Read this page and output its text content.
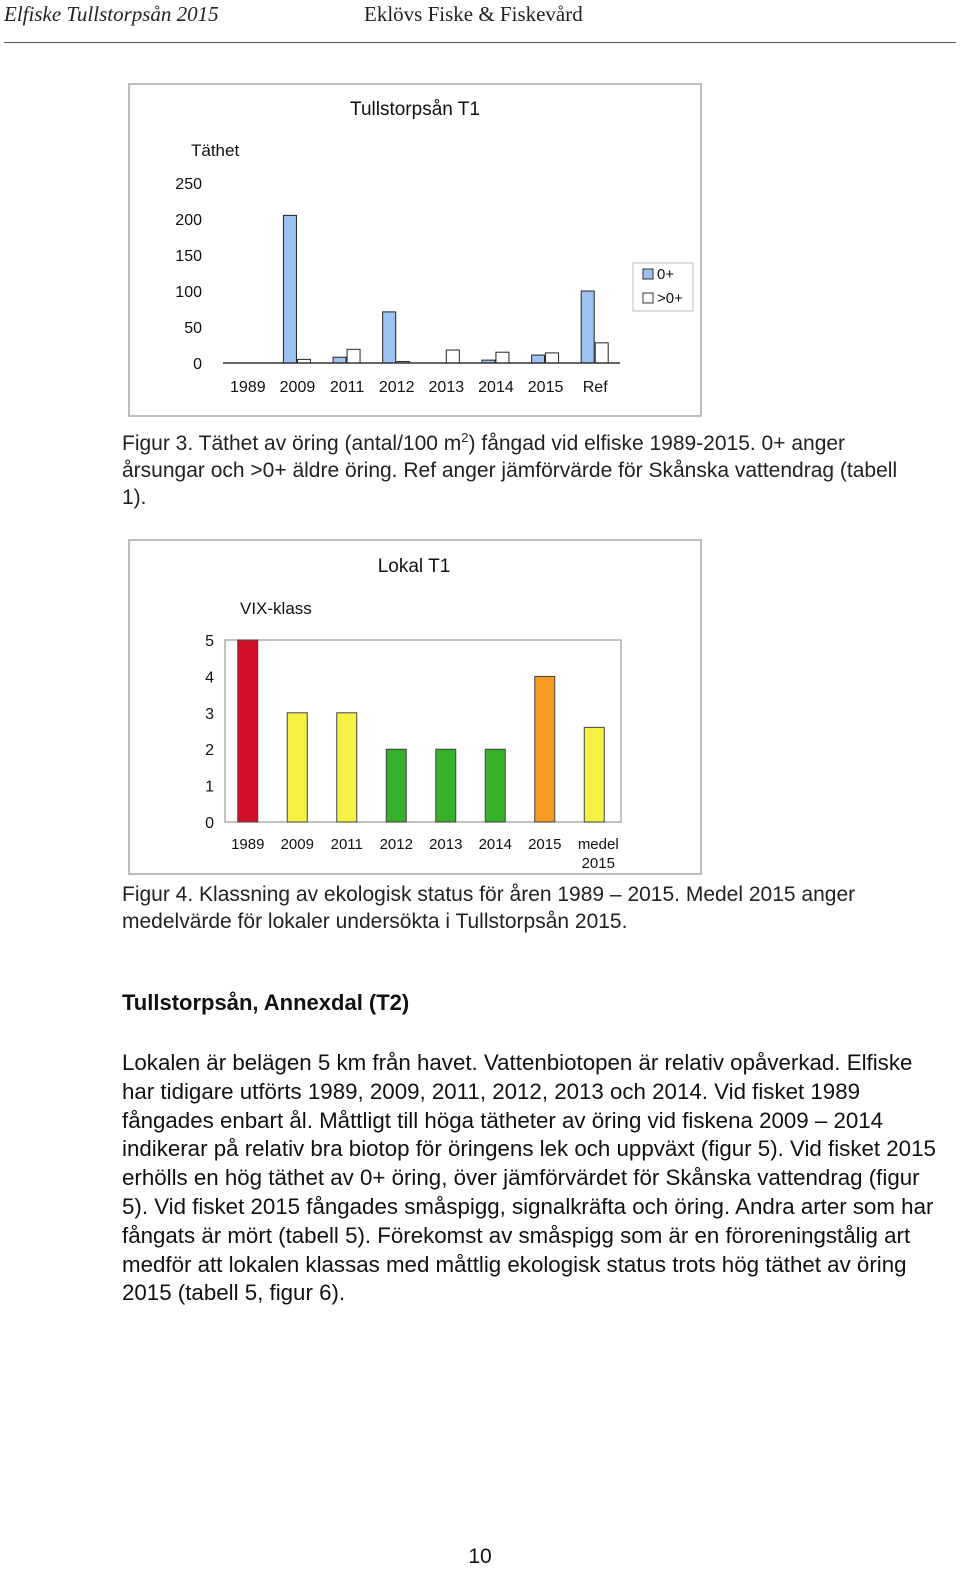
Elfiske Tullstorpsån 2015	Eklövs Fiske & Fiskevård
Tullstorpsån T1
Täthet
250
200
150
100
50
0
1989 2009 2011 2012 2013 2014 2015 Ref
0+
>0+
Figur 3. Täthet av öring (antal/100 $m^2$) fångad vid elfiske 1989-2015. 0+ anger årsungar och >0+ äldre öring. Ref anger jämförvärde för Skånska vattendrag (tabell 1).
Lokal T1
VIX-klass
5
4
3
2
1
0
1989 2009 2011 2012 2013 2014 2015 medel
2015
Figur 4. Klassning av ekologisk status för åren 1989 – 2015. Medel 2015 anger medelvärde för lokaler undersökta i Tullstorpsån 2015.
Tullstorpsån, Annexdal (T2)
Lokalen är belägen 5 km från havet. Vattenbiotopen är relativ opåverkad. Elfiske har tidigare utförts 1989, 2009, 2011, 2012, 2013 och 2014. Vid fisket 1989 fångades enbart ål. Måttligt till höga tätheter av öring vid fiskena 2009 – 2014 indikerar på relativ bra biotop för öringens lek och uppväxt (figur 5). Vid fisket 2015 erhölls en hög täthet av 0+ öring, över jämförvärdet för Skånska vattendrag (figur 5). Vid fisket 2015 fångades småspigg, signalkräfta och öring. Andra arter som har fångats är mört (tabell 5). Förekomst av småspigg som är en föroreningstålig art medför att lokalen klassas med måttlig ekologisk status trots hög täthet av öring 2015 (tabell 5, figur 6).
10
